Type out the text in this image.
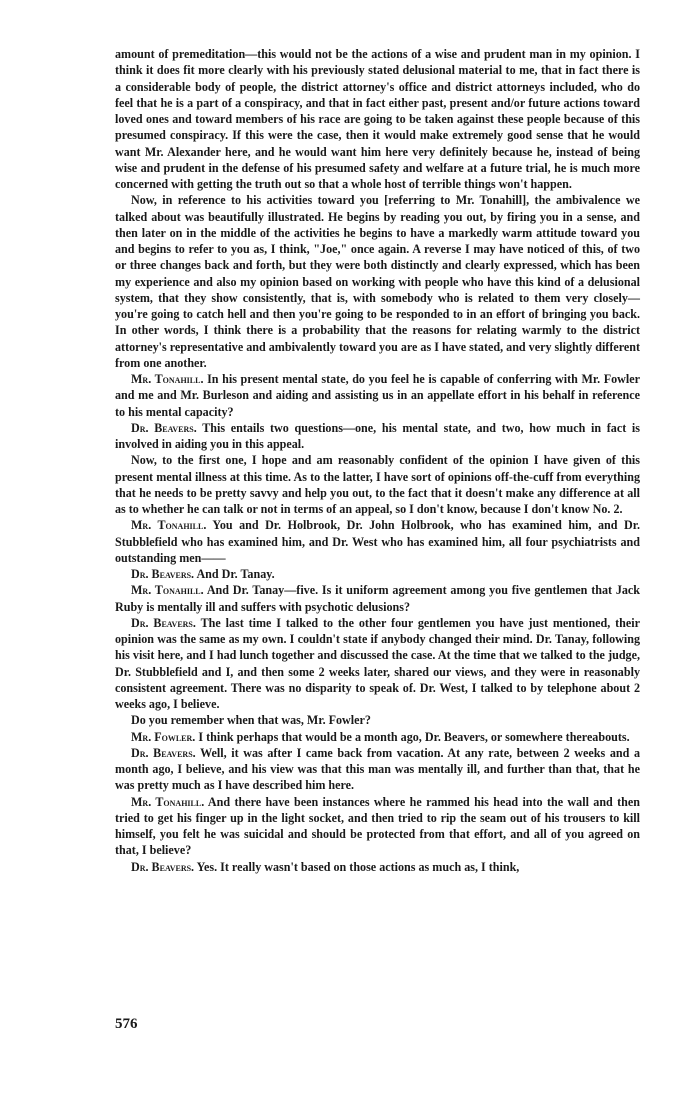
amount of premeditation—this would not be the actions of a wise and prudent man in my opinion. I think it does fit more clearly with his previously stated delusional material to me, that in fact there is a considerable body of people, the district attorney's office and district attorneys included, who do feel that he is a part of a conspiracy, and that in fact either past, present and/or future actions toward loved ones and toward members of his race are going to be taken against these people because of this presumed conspiracy. If this were the case, then it would make extremely good sense that he would want Mr. Alexander here, and he would want him here very definitely because he, instead of being wise and prudent in the defense of his presumed safety and welfare at a future trial, he is much more concerned with getting the truth out so that a whole host of terrible things won't happen.

Now, in reference to his activities toward you [referring to Mr. Tonahill], the ambivalence we talked about was beautifully illustrated. He begins by reading you out, by firing you in a sense, and then later on in the middle of the activities he begins to have a markedly warm attitude toward you and begins to refer to you as, I think, "Joe," once again. A reverse I may have noticed of this, of two or three changes back and forth, but they were both distinctly and clearly expressed, which has been my experience and also my opinion based on working with people who have this kind of a delusional system, that they show consistently, that is, with somebody who is related to them very closely—you're going to catch hell and then you're going to be responded to in an effort of bringing you back. In other words, I think there is a probability that the reasons for relating warmly to the district attorney's representative and ambivalently toward you are as I have stated, and very slightly different from one another.

Mr. Tonahill. In his present mental state, do you feel he is capable of conferring with Mr. Fowler and me and Mr. Burleson and aiding and assisting us in an appellate effort in his behalf in reference to his mental capacity?

Dr. Beavers. This entails two questions—one, his mental state, and two, how much in fact is involved in aiding you in this appeal.

Now, to the first one, I hope and am reasonably confident of the opinion I have given of this present mental illness at this time. As to the latter, I have sort of opinions off-the-cuff from everything that he needs to be pretty savvy and help you out, to the fact that it doesn't make any difference at all as to whether he can talk or not in terms of an appeal, so I don't know, because I don't know No. 2.

Mr. Tonahill. You and Dr. Holbrook, Dr. John Holbrook, who has examined him, and Dr. Stubblefield who has examined him, and Dr. West who has examined him, all four psychiatrists and outstanding men——

Dr. Beavers. And Dr. Tanay.

Mr. Tonahill. And Dr. Tanay—five. Is it uniform agreement among you five gentlemen that Jack Ruby is mentally ill and suffers with psychotic delusions?

Dr. Beavers. The last time I talked to the other four gentlemen you have just mentioned, their opinion was the same as my own. I couldn't state if anybody changed their mind. Dr. Tanay, following his visit here, and I had lunch together and discussed the case. At the time that we talked to the judge, Dr. Stubblefield and I, and then some 2 weeks later, shared our views, and they were in reasonably consistent agreement. There was no disparity to speak of. Dr. West, I talked to by telephone about 2 weeks ago, I believe.

Do you remember when that was, Mr. Fowler?

Mr. Fowler. I think perhaps that would be a month ago, Dr. Beavers, or somewhere thereabouts.

Dr. Beavers. Well, it was after I came back from vacation. At any rate, between 2 weeks and a month ago, I believe, and his view was that this man was mentally ill, and further than that, that he was pretty much as I have described him here.

Mr. Tonahill. And there have been instances where he rammed his head into the wall and then tried to get his finger up in the light socket, and then tried to rip the seam out of his trousers to kill himself, you felt he was suicidal and should be protected from that effort, and all of you agreed on that, I believe?

Dr. Beavers. Yes. It really wasn't based on those actions as much as, I think,

576
